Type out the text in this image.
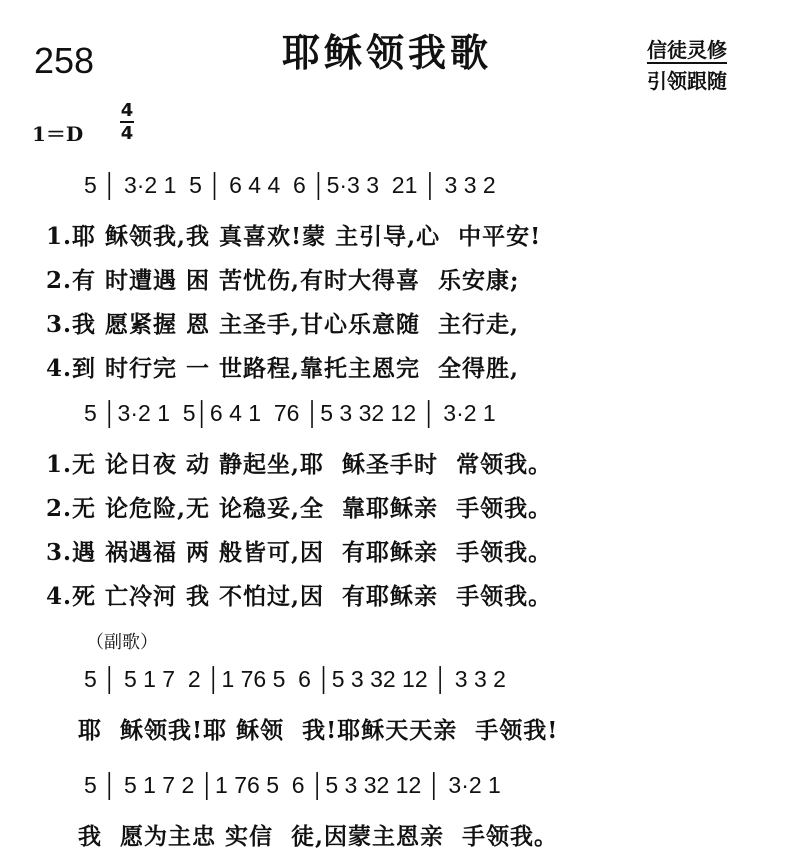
258	耶稣领我歌	信徒灵修
引领跟随
1＝D
4
4
5 │ 3·2 1  5 │ 6 4 4  6 │5·3 3  21 │ 3 3 2
1.耶 稣领我,我 真喜欢!蒙 主引导,心  中平安!
2.有 时遭遇 困 苦忧伤,有时大得喜  乐安康;
3.我 愿紧握 恩 主圣手,甘心乐意随  主行走,
4.到 时行完 一 世路程,靠托主恩完  全得胜,
5 │3·2 1  5│6 4 1  76 │5 3 32 12 │ 3·2 1
1.无 论日夜 动 静起坐,耶  稣圣手时  常领我。
2.无 论危险,无 论稳妥,全  靠耶稣亲  手领我。
3.遇 祸遇福 两 般皆可,因  有耶稣亲  手领我。
4.死 亡冷河 我 不怕过,因  有耶稣亲  手领我。
（副歌）
5 │ 5 1 7  2 │1 76 5  6 │5 3 32 12 │ 3 3 2
耶  稣领我!耶 稣领  我!耶稣天天亲  手领我!
5 │ 5 1 7 2 │1 76 5  6 │5 3 32 12 │ 3·2 1
我  愿为主忠 实信  徒,因蒙主恩亲  手领我。
